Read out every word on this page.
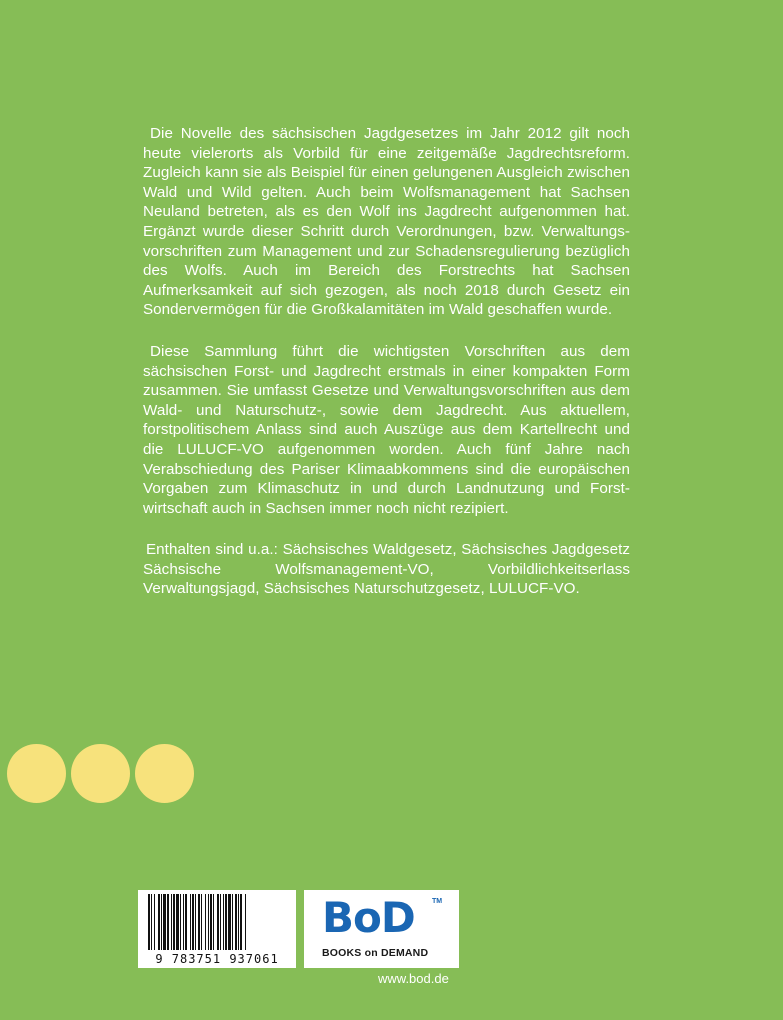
Die Novelle des sächsischen Jagdgesetzes im Jahr 2012 gilt noch heute vielerorts als Vorbild für eine zeitgemäße Jagdrechtsreform. Zugleich kann sie als Beispiel für einen gelungenen Ausgleich zwischen Wald und Wild gelten. Auch beim Wolfsmanagement hat Sachsen Neuland betreten, als es den Wolf ins Jagdrecht aufgenommen hat. Ergänzt wurde dieser Schritt durch Verordnungen, bzw. Verwaltungs-vorschriften zum Management und zur Schadensregulierung bezüglich des Wolfs. Auch im Bereich des Forstrechts hat Sachsen Aufmerksamkeit auf sich gezogen, als noch 2018 durch Gesetz ein Sondervermögen für die Großkalamitäten im Wald geschaffen wurde.

Diese Sammlung führt die wichtigsten Vorschriften aus dem sächsischen Forst- und Jagdrecht erstmals in einer kompakten Form zusammen. Sie umfasst Gesetze und Verwaltungsvorschriften aus dem Wald- und Naturschutz-, sowie dem Jagdrecht. Aus aktuellem, forstpolitischem Anlass sind auch Auszüge aus dem Kartellrecht und die LULUCF-VO aufgenommen worden. Auch fünf Jahre nach Verabschiedung des Pariser Klimaabkommens sind die europäischen Vorgaben zum Klimaschutz in und durch Landnutzung und Forst-wirtschaft auch in Sachsen immer noch nicht rezipiert.

Enthalten sind u.a.: Sächsisches Waldgesetz, Sächsisches Jagdgesetz Sächsische Wolfsmanagement-VO, Vorbildlichkeitserlass Verwaltungsjagd, Sächsisches Naturschutzgesetz, LULUCF-VO.

9 783751 937061
BoD TM
BOOKS on DEMAND
www.bod.de
